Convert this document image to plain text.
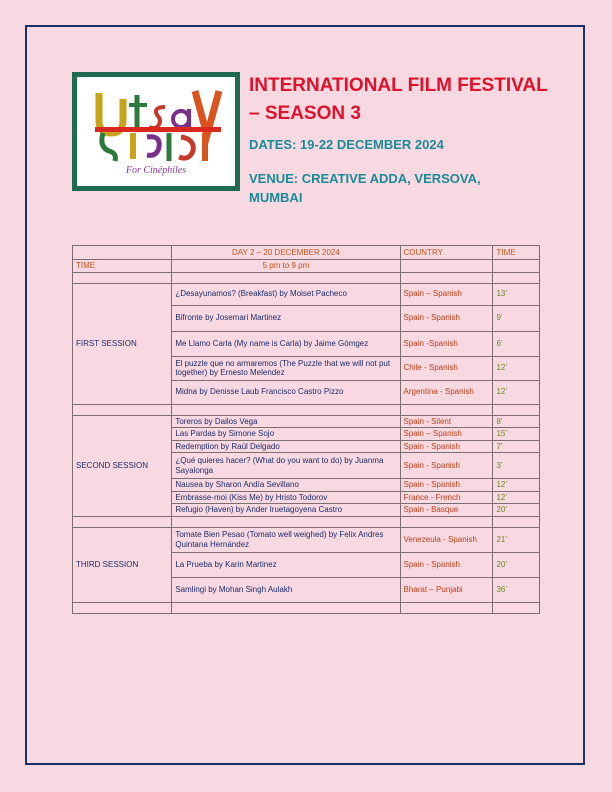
For Cinéphiles
INTERNATIONAL FILM FESTIVAL – SEASON 3
DATES: 19-22 DECEMBER 2024
VENUE: CREATIVE ADDA, VERSOVA, MUMBAI
	DAY 2 – 20 DECEMBER 2024	COUNTRY	TIME
TIME	5 pm to 9 pm		

FIRST SESSION	¿Desayunamos? (Breakfast) by Moiset Pacheco	Spain – Spanish	13’
	Bifronte by Josemari Martinez	Spain - Spanish	9’
	Me Llamo Carla (My name is Carla) by Jaime Gómgez	Spain -Spanish	6’
	El puzzle que no armaremos (The Puzzle that we will not put together) by Ernesto Melendez	Chile - Spanish	12’
	Midna by Denisse Laub Francisco Castro Pizzo	Argentina - Spanish	12’

SECOND SESSION	Toreros by Dailos Vega	Spain - Silent	8’
	Las Pardas by Simone Sojo	Spain – Spanish	15’
	Redemption by Raúl Delgado	Spain - Spanish	7’
	¿Qué quieres hacer? (What do you want to do) by Juanma Sayalonga	Spain - Spanish	3’
	Nausea by Sharon Andía Sevillano	Spain - Spanish	12’
	Embrasse-moi (Kiss Me) by Hristo Todorov	France - French	12’
	Refugio (Haven) by Ander Iruetagoyena Castro	Spain - Basque	20’

THIRD SESSION	Tomate Bien Pesao (Tomato well weighed) by Felix Andres Quintana Hernández	Venezeula - Spanish	21’
	La Prueba by Karin Martinez	Spain - Spanish	20’
	Samlingi by Mohan Singh Aulakh	Bharat – Punjabi	36’
